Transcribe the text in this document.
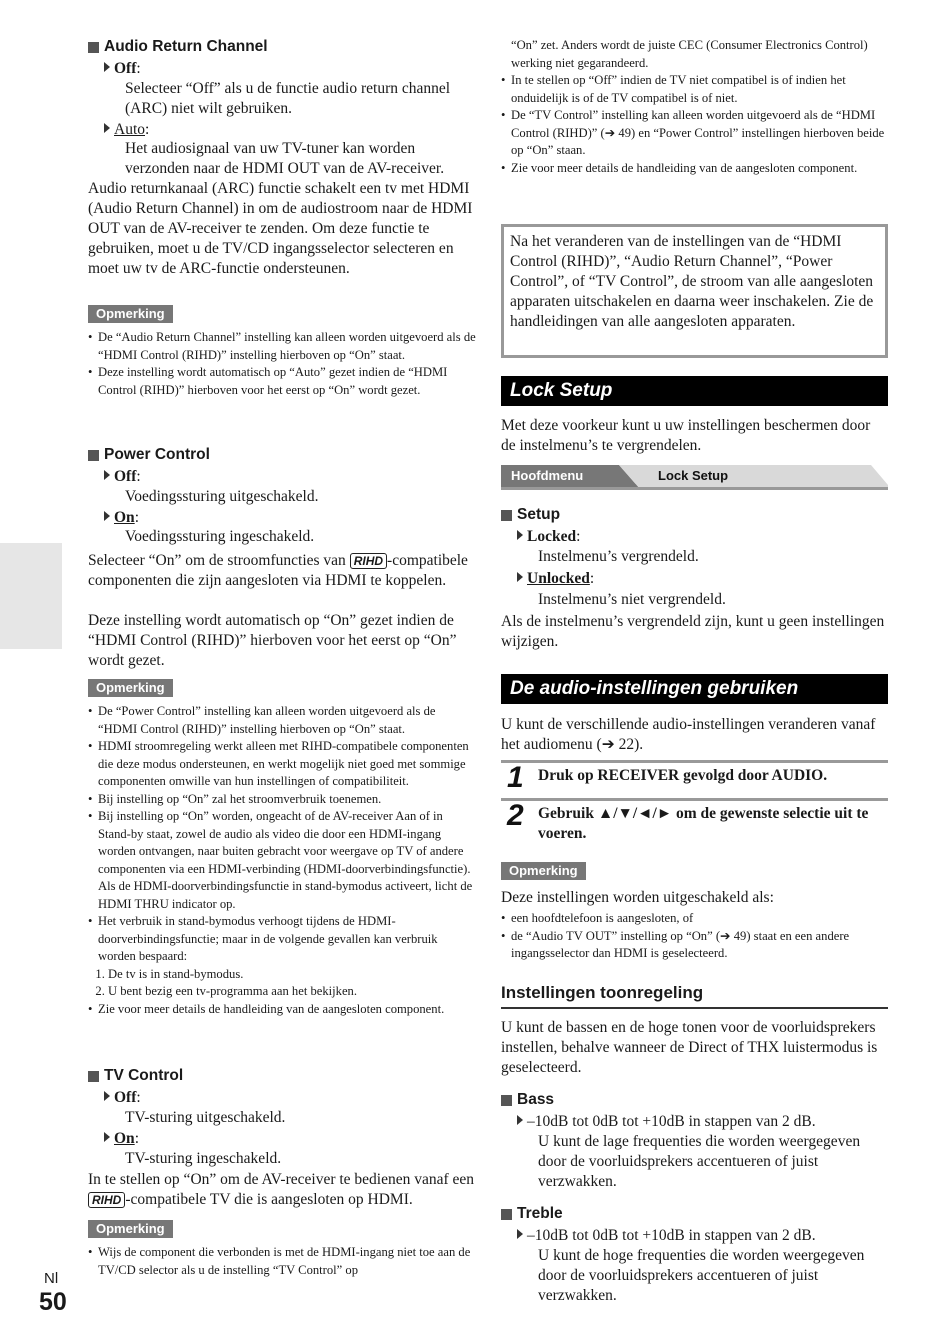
Audio Return Channel
Off:
Selecteer “Off” als u de functie audio return channel (ARC) niet wilt gebruiken.
Auto:
Het audiosignaal van uw TV-tuner kan worden verzonden naar de HDMI OUT van de AV-receiver.
Audio returnkanaal (ARC) functie schakelt een tv met HDMI (Audio Return Channel) in om de audiostroom naar de HDMI OUT van de AV-receiver te zenden. Om deze functie te gebruiken, moet u de TV/CD ingangsselector selecteren en moet uw tv de ARC-functie ondersteunen.
Opmerking
• De “Audio Return Channel” instelling kan alleen worden uitgevoerd als de “HDMI Control (RIHD)” instelling hierboven op “On” staat.
• Deze instelling wordt automatisch op “Auto” gezet indien de “HDMI Control (RIHD)” hierboven voor het eerst op “On” wordt gezet.
Power Control
Off:
Voedingssturing uitgeschakeld.
On:
Voedingssturing ingeschakeld.
Selecteer “On” om de stroomfuncties van RIHD -compatibele componenten die zijn aangesloten via HDMI te koppelen.
Deze instelling wordt automatisch op “On” gezet indien de “HDMI Control (RIHD)” hierboven voor het eerst op “On” wordt gezet.
Opmerking
• De “Power Control” instelling kan alleen worden uitgevoerd als de “HDMI Control (RIHD)” instelling hierboven op “On” staat.
• HDMI stroomregeling werkt alleen met RIHD-compatibele componenten die deze modus ondersteunen, en werkt mogelijk niet goed met sommige componenten omwille van hun instellingen of compatibiliteit.
• Bij instelling op “On” zal het stroomverbruik toenemen.
• Bij instelling op “On” worden, ongeacht of de AV-receiver Aan of in Stand-by staat, zowel de audio als video die door een HDMI-ingang worden ontvangen, naar buiten gebracht voor weergave op TV of andere componenten via een HDMI-verbinding (HDMI-doorverbindingsfunctie). Als de HDMI-doorverbindingsfunctie in stand-bymodus activeert, licht de HDMI THRU indicator op.
• Het verbruik in stand-bymodus verhoogt tijdens de HDMI-doorverbindingsfunctie; maar in de volgende gevallen kan verbruik worden bespaard:
1. De tv is in stand-bymodus.
2. U bent bezig een tv-programma aan het bekijken.
• Zie voor meer details de handleiding van de aangesloten component.
TV Control
Off:
TV-sturing uitgeschakeld.
On:
TV-sturing ingeschakeld.
In te stellen op “On” om de AV-receiver te bedienen vanaf een RIHD -compatibele TV die is aangesloten op HDMI.
Opmerking
• Wijs de component die verbonden is met de HDMI-ingang niet toe aan de TV/CD selector als u de instelling “TV Control” op
Nl
50
“On” zet. Anders wordt de juiste CEC (Consumer Electronics Control) werking niet gegarandeerd.
• In te stellen op “Off” indien de TV niet compatibel is of indien het onduidelijk is of de TV compatibel is of niet.
• De “TV Control” instelling kan alleen worden uitgevoerd als de “HDMI Control (RIHD)” (➔ 49) en “Power Control” instellingen hierboven beide op “On” staan.
• Zie voor meer details de handleiding van de aangesloten component.
Na het veranderen van de instellingen van de “HDMI Control (RIHD)”, “Audio Return Channel”, “Power Control”, of “TV Control”, de stroom van alle aangesloten apparaten uitschakelen en daarna weer inschakelen. Zie de handleidingen van alle aangesloten apparaten.
Lock Setup
Met deze voorkeur kunt u uw instellingen beschermen door de instelmenu’s te vergrendelen.
Hoofdmenu	Lock Setup
Setup
Locked:
Instelmenu’s vergrendeld.
Unlocked:
Instelmenu’s niet vergrendeld.
Als de instelmenu’s vergrendeld zijn, kunt u geen instellingen wijzigen.
De audio-instellingen gebruiken
U kunt de verschillende audio-instellingen veranderen vanaf het audiomenu (➔ 22).
1 Druk op RECEIVER gevolgd door AUDIO.
2 Gebruik ▲/▼/◄/► om de gewenste selectie uit te voeren.
Opmerking
Deze instellingen worden uitgeschakeld als:
• een hoofdtelefoon is aangesloten, of
• de “Audio TV OUT” instelling op “On” (➔ 49) staat en een andere ingangsselector dan HDMI is geselecteerd.
Instellingen toonregeling
U kunt de bassen en de hoge tonen voor de voorluidsprekers instellen, behalve wanneer de Direct of THX luistermodus is geselecteerd.
Bass
–10dB tot 0dB tot +10dB in stappen van 2 dB.
U kunt de lage frequenties die worden weergegeven door de voorluidsprekers accentueren of juist verzwakken.
Treble
–10dB tot 0dB tot +10dB in stappen van 2 dB.
U kunt de hoge frequenties die worden weergegeven door de voorluidsprekers accentueren of juist verzwakken.
